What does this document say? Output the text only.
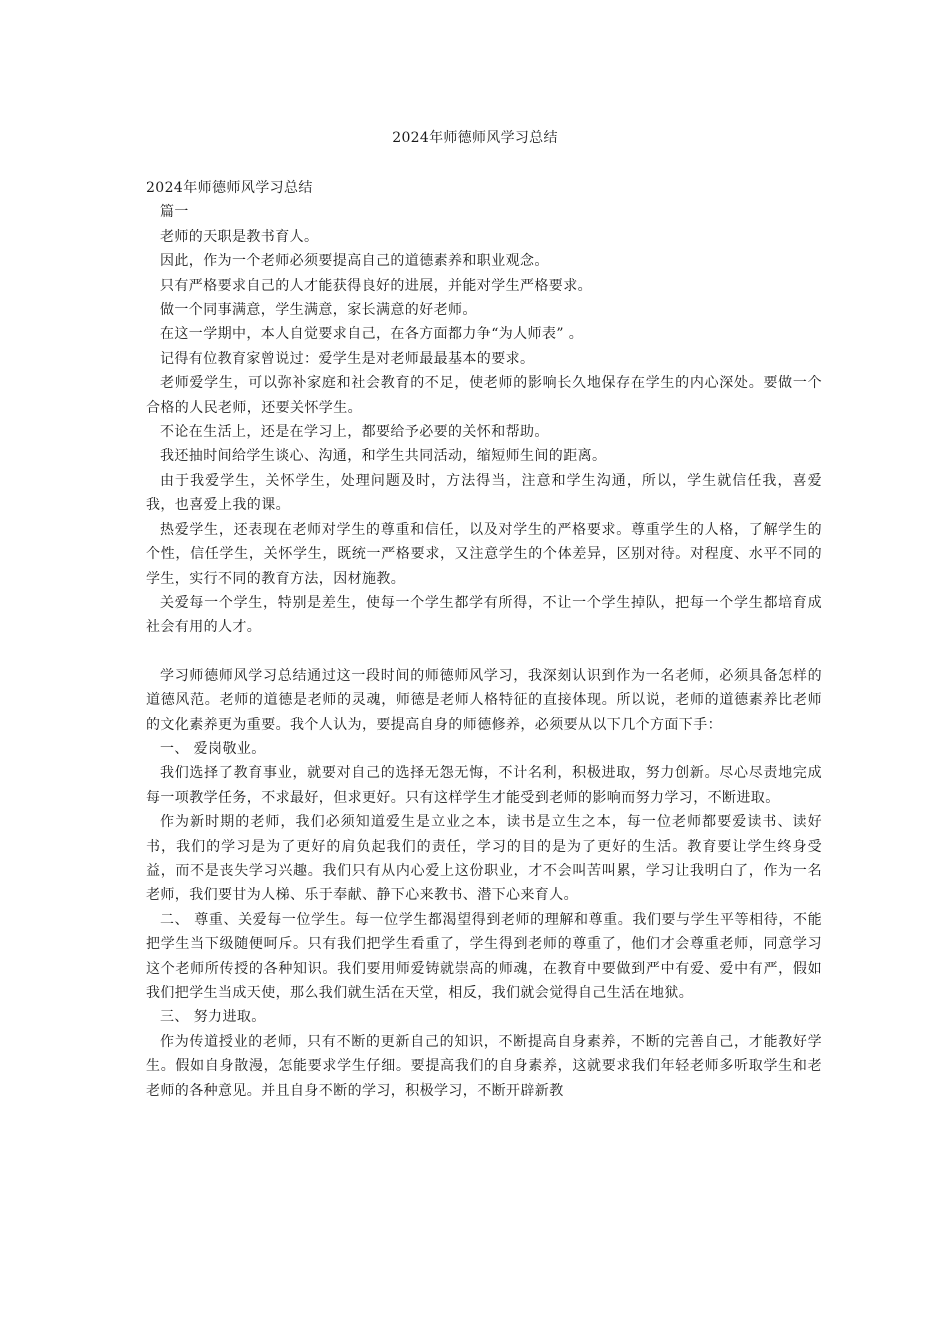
2024年师德师风学习总结

2024年师德师风学习总结

篇一

老师的天职是教书育人。

因此，作为一个老师必须要提高自己的道德素养和职业观念。

只有严格要求自己的人才能获得良好的进展，并能对学生严格要求。

做一个同事满意，学生满意，家长满意的好老师。

在这一学期中，本人自觉要求自己，在各方面都力争“为人师表” 。

记得有位教育家曾说过：爱学生是对老师最最基本的要求。

老师爱学生，可以弥补家庭和社会教育的不足，使老师的影响长久地保存在学生的内心深处。要做一个合格的人民老师，还要关怀学生。

不论在生活上，还是在学习上，都要给予必要的关怀和帮助。

我还抽时间给学生谈心、沟通，和学生共同活动，缩短师生间的距离。

由于我爱学生，关怀学生，处理问题及时，方法得当，注意和学生沟通，所以，学生就信任我，喜爱我，也喜爱上我的课。

热爱学生，还表现在老师对学生的尊重和信任，以及对学生的严格要求。尊重学生的人格，了解学生的个性，信任学生，关怀学生，既统一严格要求，又注意学生的个体差异，区别对待。对程度、水平不同的学生，实行不同的教育方法，因材施教。

关爱每一个学生，特别是差生，使每一个学生都学有所得，不让一个学生掉队，把每一个学生都培育成社会有用的人才。

学习师德师风学习总结通过这一段时间的师德师风学习，我深刻认识到作为一名老师，必须具备怎样的道德风范。老师的道德是老师的灵魂，师德是老师人格特征的直接体现。所以说，老师的道德素养比老师的文化素养更为重要。我个人认为，要提高自身的师德修养，必须要从以下几个方面下手：

一、 爱岗敬业。

我们选择了教育事业，就要对自己的选择无怨无悔，不计名利，积极进取，努力创新。尽心尽责地完成每一项教学任务，不求最好，但求更好。只有这样学生才能受到老师的影响而努力学习，不断进取。

作为新时期的老师，我们必须知道爱生是立业之本，读书是立生之本，每一位老师都要爱读书、读好书，我们的学习是为了更好的肩负起我们的责任，学习的目的是为了更好的生活。教育要让学生终身受益，而不是丧失学习兴趣。我们只有从内心爱上这份职业，才不会叫苦叫累，学习让我明白了，作为一名老师，我们要甘为人梯、乐于奉献、静下心来教书、潜下心来育人。

二、 尊重、关爱每一位学生。每一位学生都渴望得到老师的理解和尊重。我们要与学生平等相待，不能把学生当下级随便呵斥。只有我们把学生看重了，学生得到老师的尊重了，他们才会尊重老师，同意学习这个老师所传授的各种知识。我们要用师爱铸就崇高的师魂，在教育中要做到严中有爱、爱中有严，假如我们把学生当成天使，那么我们就生活在天堂，相反，我们就会觉得自己生活在地狱。

三、 努力进取。

作为传道授业的老师，只有不断的更新自己的知识，不断提高自身素养，不断的完善自己，才能教好学生。假如自身散漫，怎能要求学生仔细。要提高我们的自身素养，这就要求我们年轻老师多听取学生和老老师的各种意见。并且自身不断的学习，积极学习，不断开辟新教
